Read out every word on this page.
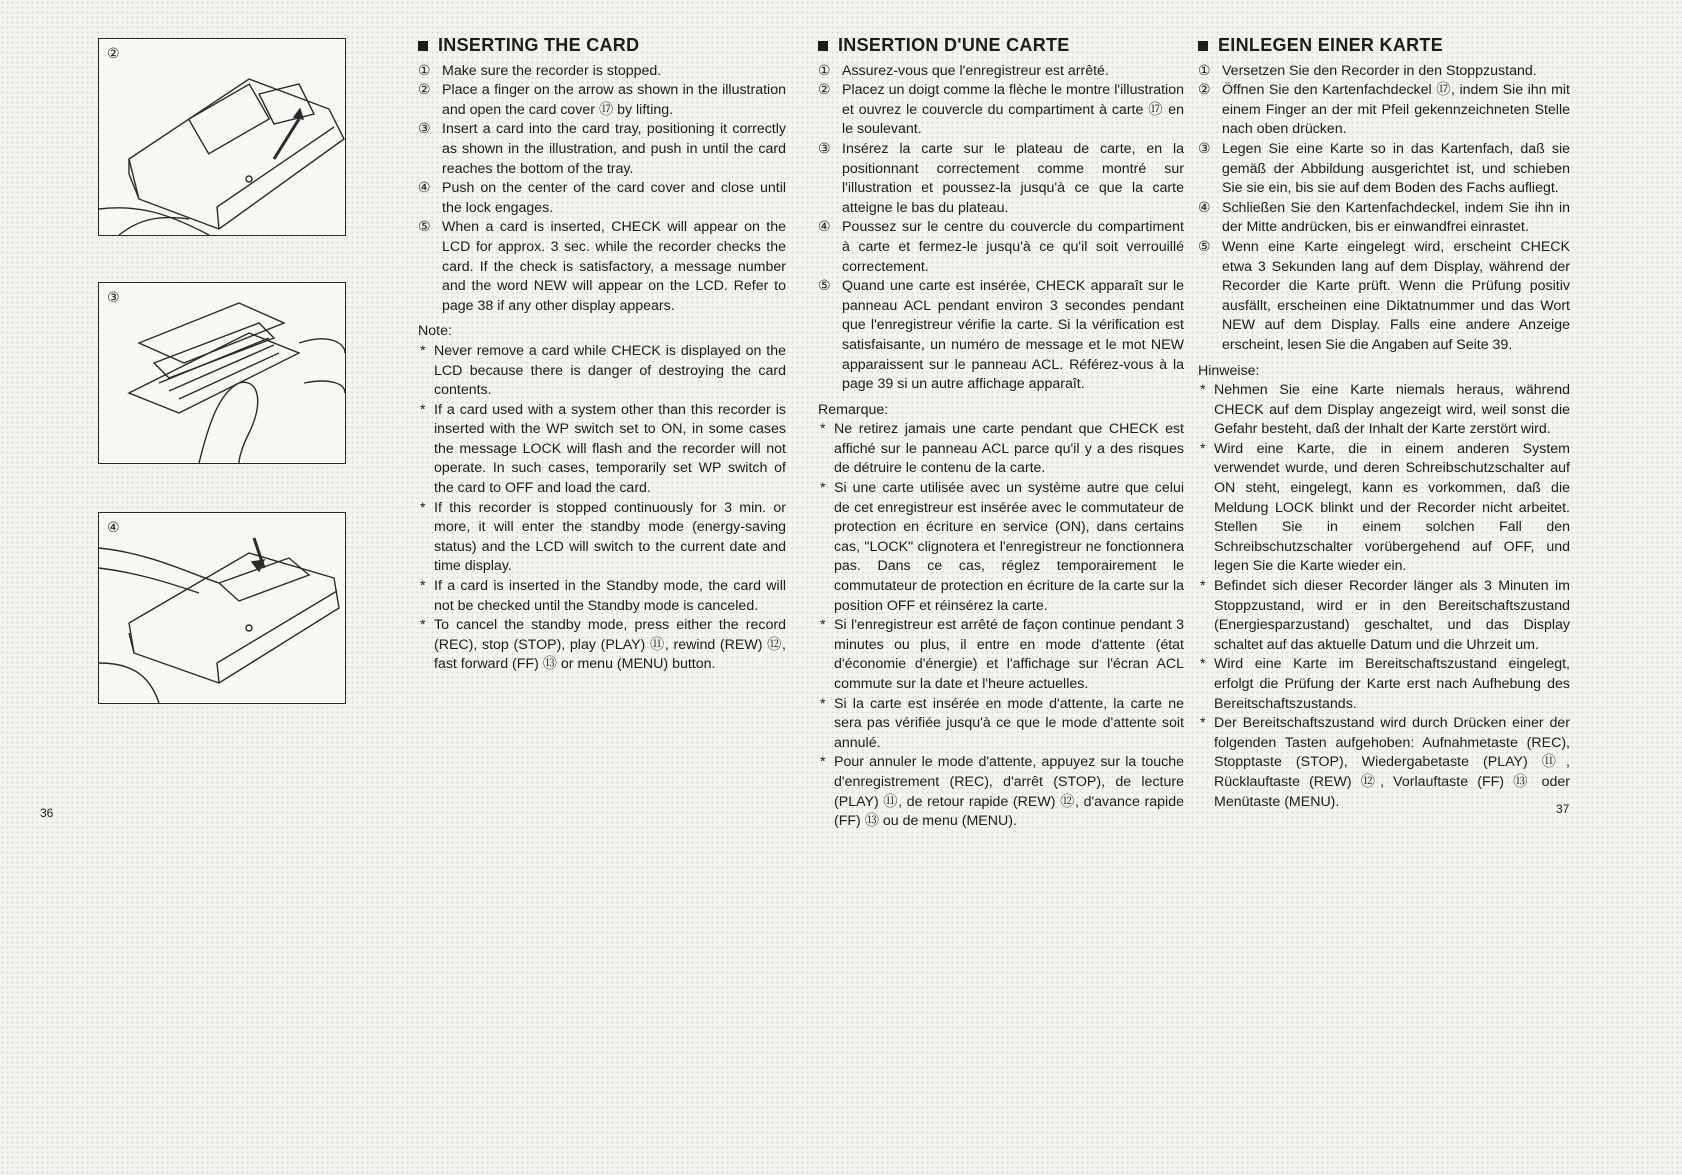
②
③
④
INSERTING THE CARD
① Make sure the recorder is stopped.
② Place a finger on the arrow as shown in the illustration and open the card cover ⑰ by lifting.
③ Insert a card into the card tray, positioning it correctly as shown in the illustration, and push in until the card reaches the bottom of the tray.
④ Push on the center of the card cover and close until the lock engages.
⑤ When a card is inserted, CHECK will appear on the LCD for approx. 3 sec. while the recorder checks the card. If the check is satisfactory, a message number and the word NEW will appear on the LCD. Refer to page 38 if any other display appears.
Note:
* Never remove a card while CHECK is displayed on the LCD because there is danger of destroying the card contents.
* If a card used with a system other than this recorder is inserted with the WP switch set to ON, in some cases the message LOCK will flash and the recorder will not operate. In such cases, temporarily set WP switch of the card to OFF and load the card.
* If this recorder is stopped continuously for 3 min. or more, it will enter the standby mode (energy-saving status) and the LCD will switch to the current date and time display.
* If a card is inserted in the Standby mode, the card will not be checked until the Standby mode is canceled.
* To cancel the standby mode, press either the record (REC), stop (STOP), play (PLAY) ⑪, rewind (REW) ⑫, fast forward (FF) ⑬ or menu (MENU) button.
INSERTION D'UNE CARTE
① Assurez-vous que l'enregistreur est arrêté.
② Placez un doigt comme la flèche le montre l'illustration et ouvrez le couvercle du compartiment à carte ⑰ en le soulevant.
③ Insérez la carte sur le plateau de carte, en la positionnant correctement comme montré sur l'illustration et poussez-la jusqu'à ce que la carte atteigne le bas du plateau.
④ Poussez sur le centre du couvercle du compartiment à carte et fermez-le jusqu'à ce qu'il soit verrouillé correctement.
⑤ Quand une carte est insérée, CHECK apparaît sur le panneau ACL pendant environ 3 secondes pendant que l'enregistreur vérifie la carte. Si la vérification est satisfaisante, un numéro de message et le mot NEW apparaissent sur le panneau ACL. Référez-vous à la page 39 si un autre affichage apparaît.
Remarque:
* Ne retirez jamais une carte pendant que CHECK est affiché sur le panneau ACL parce qu'il y a des risques de détruire le contenu de la carte.
* Si une carte utilisée avec un système autre que celui de cet enregistreur est insérée avec le commutateur de protection en écriture en service (ON), dans certains cas, "LOCK" clignotera et l'enregistreur ne fonctionnera pas. Dans ce cas, réglez temporairement le commutateur de protection en écriture de la carte sur la position OFF et réinsérez la carte.
* Si l'enregistreur est arrêté de façon continue pendant 3 minutes ou plus, il entre en mode d'attente (état d'économie d'énergie) et l'affichage sur l'écran ACL commute sur la date et l'heure actuelles.
* Si la carte est insérée en mode d'attente, la carte ne sera pas vérifiée jusqu'à ce que le mode d'attente soit annulé.
* Pour annuler le mode d'attente, appuyez sur la touche d'enregistrement (REC), d'arrêt (STOP), de lecture (PLAY) ⑪, de retour rapide (REW) ⑫, d'avance rapide (FF) ⑬ ou de menu (MENU).
EINLEGEN EINER KARTE
① Versetzen Sie den Recorder in den Stoppzustand.
② Öffnen Sie den Kartenfachdeckel ⑰, indem Sie ihn mit einem Finger an der mit Pfeil gekennzeichneten Stelle nach oben drücken.
③ Legen Sie eine Karte so in das Kartenfach, daß sie gemäß der Abbildung ausgerichtet ist, und schieben Sie sie ein, bis sie auf dem Boden des Fachs aufliegt.
④ Schließen Sie den Kartenfachdeckel, indem Sie ihn in der Mitte andrücken, bis er einwandfrei einrastet.
⑤ Wenn eine Karte eingelegt wird, erscheint CHECK etwa 3 Sekunden lang auf dem Display, während der Recorder die Karte prüft. Wenn die Prüfung positiv ausfällt, erscheinen eine Diktatnummer und das Wort NEW auf dem Display. Falls eine andere Anzeige erscheint, lesen Sie die Angaben auf Seite 39.
Hinweise:
* Nehmen Sie eine Karte niemals heraus, während CHECK auf dem Display angezeigt wird, weil sonst die Gefahr besteht, daß der Inhalt der Karte zerstört wird.
* Wird eine Karte, die in einem anderen System verwendet wurde, und deren Schreibschutzschalter auf ON steht, eingelegt, kann es vorkommen, daß die Meldung LOCK blinkt und der Recorder nicht arbeitet. Stellen Sie in einem solchen Fall den Schreibschutzschalter vorübergehend auf OFF, und legen Sie die Karte wieder ein.
* Befindet sich dieser Recorder länger als 3 Minuten im Stoppzustand, wird er in den Bereitschaftszustand (Energiesparzustand) geschaltet, und das Display schaltet auf das aktuelle Datum und die Uhrzeit um.
* Wird eine Karte im Bereitschaftszustand eingelegt, erfolgt die Prüfung der Karte erst nach Aufhebung des Bereitschaftszustands.
* Der Bereitschaftszustand wird durch Drücken einer der folgenden Tasten aufgehoben: Aufnahmetaste (REC), Stopptaste (STOP), Wiedergabetaste (PLAY) ⑪, Rücklauftaste (REW) ⑫, Vorlauftaste (FF) ⑬ oder Menütaste (MENU).
36	37
